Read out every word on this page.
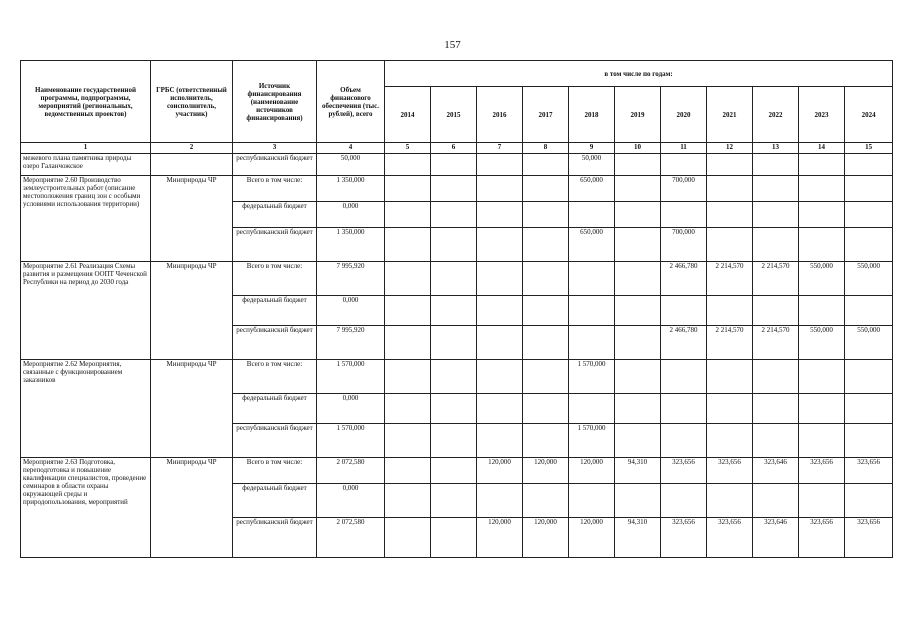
157
Наименование государственной программы, подпрограммы, мероприятий (региональных, ведомственных проектов)	ГРБС (ответственный исполнитель, соисполнитель, участник)	Источник финансирования (наименование источников финансирования)	Объем финансового обеспечения (тыс. рублей), всего	в том числе по годам:										
				2014	2015	2016	2017	2018	2019	2020	2021	2022	2023	2024
1	2	3	4	5	6	7	8	9	10	11	12	13	14	15
межевого плана памятника природы озеро Галанчожское		республиканский бюджет	50,000					50,000						
Мероприятие 2.60 Производство землеустроительных работ (описание местоположения границ зон с особыми условиями использования территории)	Минприроды ЧР	Всего в том числе:	1 350,000					650,000		700,000				
		федеральный бюджет	0,000											
		республиканский бюджет	1 350,000					650,000		700,000				
Мероприятие 2.61 Реализация Схемы развития и размещения ООПТ Чеченской Республики на период до 2030 года	Минприроды ЧР	Всего в том числе:	7 995,920							2 466,780	2 214,570	2 214,570	550,000	550,000
		федеральный бюджет	0,000											
		республиканский бюджет	7 995,920							2 466,780	2 214,570	2 214,570	550,000	550,000
Мероприятие 2.62 Мероприятия, связанные с функционированием заказников	Минприроды ЧР	Всего в том числе:	1 570,000					1 570,000						
		федеральный бюджет	0,000											
		республиканский бюджет	1 570,000					1 570,000						
Мероприятие 2.63 Подготовка, переподготовка и повышение квалификации специалистов, проведение семинаров в области охраны окружающей среды и природопользования, мероприятий	Минприроды ЧР	Всего в том числе:	2 072,580			120,000	120,000	120,000	94,310	323,656	323,656	323,646	323,656	323,656
		федеральный бюджет	0,000											
		республиканский бюджет	2 072,580			120,000	120,000	120,000	94,310	323,656	323,656	323,646	323,656	323,656
